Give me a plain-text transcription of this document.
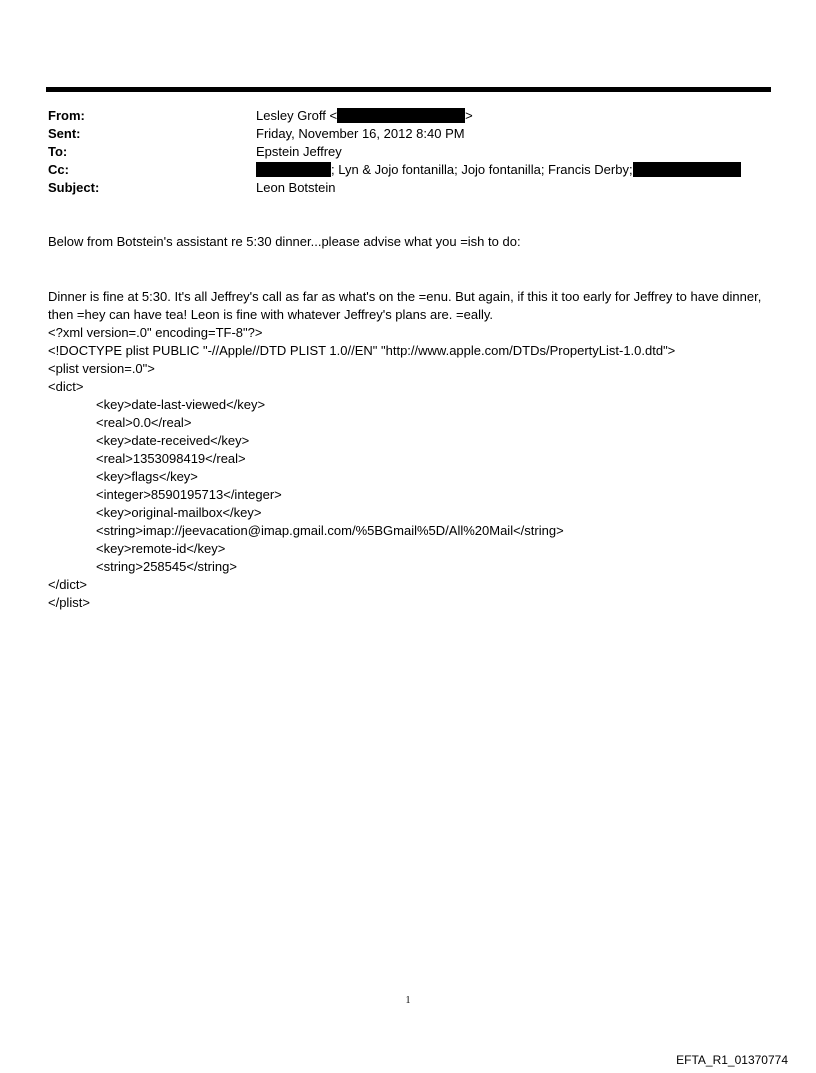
From:	Lesley Groff <	>
Sent:	Friday, November 16, 2012 8:40 PM
To:	Epstein Jeffrey
Cc:	; Lyn & Jojo fontanilla; Jojo fontanilla; Francis Derby;
Subject:	Leon Botstein
Below from Botstein's assistant re 5:30 dinner...please advise what you =ish to do:
Dinner is fine at 5:30. It's all Jeffrey's call as far as what's on the =enu. But again, if this it too early for Jeffrey to have dinner, then =hey can have tea! Leon is fine with whatever Jeffrey's plans are. =eally.
<?xml version=.0" encoding=TF-8"?>
<!DOCTYPE plist PUBLIC "-//Apple//DTD PLIST 1.0//EN" "http://www.apple.com/DTDs/PropertyList-1.0.dtd">
<plist version=.0">
<dict>
<key>date-last-viewed</key>
<real>0.0</real>
<key>date-received</key>
<real>1353098419</real>
<key>flags</key>
<integer>8590195713</integer>
<key>original-mailbox</key>
<string>imap://jeevacation@imap.gmail.com/%5BGmail%5D/All%20Mail</string>
<key>remote-id</key>
<string>258545</string>
</dict>
</plist>
1
EFTA_R1_01370774
